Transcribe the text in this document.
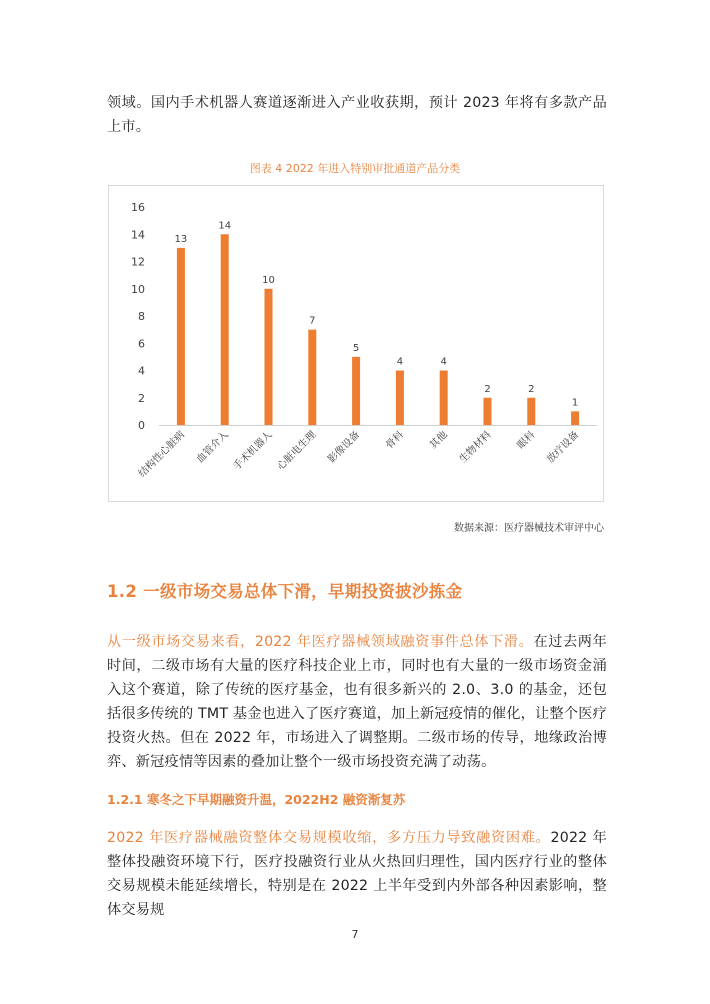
领域。国内手术机器人赛道逐渐进入产业收获期，预计 2023 年将有多款产品上市。

图表 4 2022 年进入特别审批通道产品分类
0
2
4
6
8
10
12
14
16
13
结构性心脏病
14
血管介入
10
手术机器人
7
心脏电生理
5
影像设备
4
骨科
4
其他
2
生物材料
2
眼科
1
放疗设备
数据来源：医疗器械技术审评中心
1.2 一级市场交易总体下滑，早期投资披沙拣金

从一级市场交易来看，2022 年医疗器械领域融资事件总体下滑。在过去两年时间，二级市场有大量的医疗科技企业上市，同时也有大量的一级市场资金涌入这个赛道，除了传统的医疗基金，也有很多新兴的 2.0、3.0 的基金，还包括很多传统的 TMT 基金也进入了医疗赛道，加上新冠疫情的催化，让整个医疗投资火热。但在 2022 年，市场进入了调整期。二级市场的传导，地缘政治博弈、新冠疫情等因素的叠加让整个一级市场投资充满了动荡。

1.2.1 寒冬之下早期融资升温，2022H2 融资渐复苏

2022 年医疗器械融资整体交易规模收缩，多方压力导致融资困难。2022 年整体投融资环境下行，医疗投融资行业从火热回归理性，国内医疗行业的整体交易规模未能延续增长，特别是在 2022 上半年受到内外部各种因素影响，整体交易规

7
